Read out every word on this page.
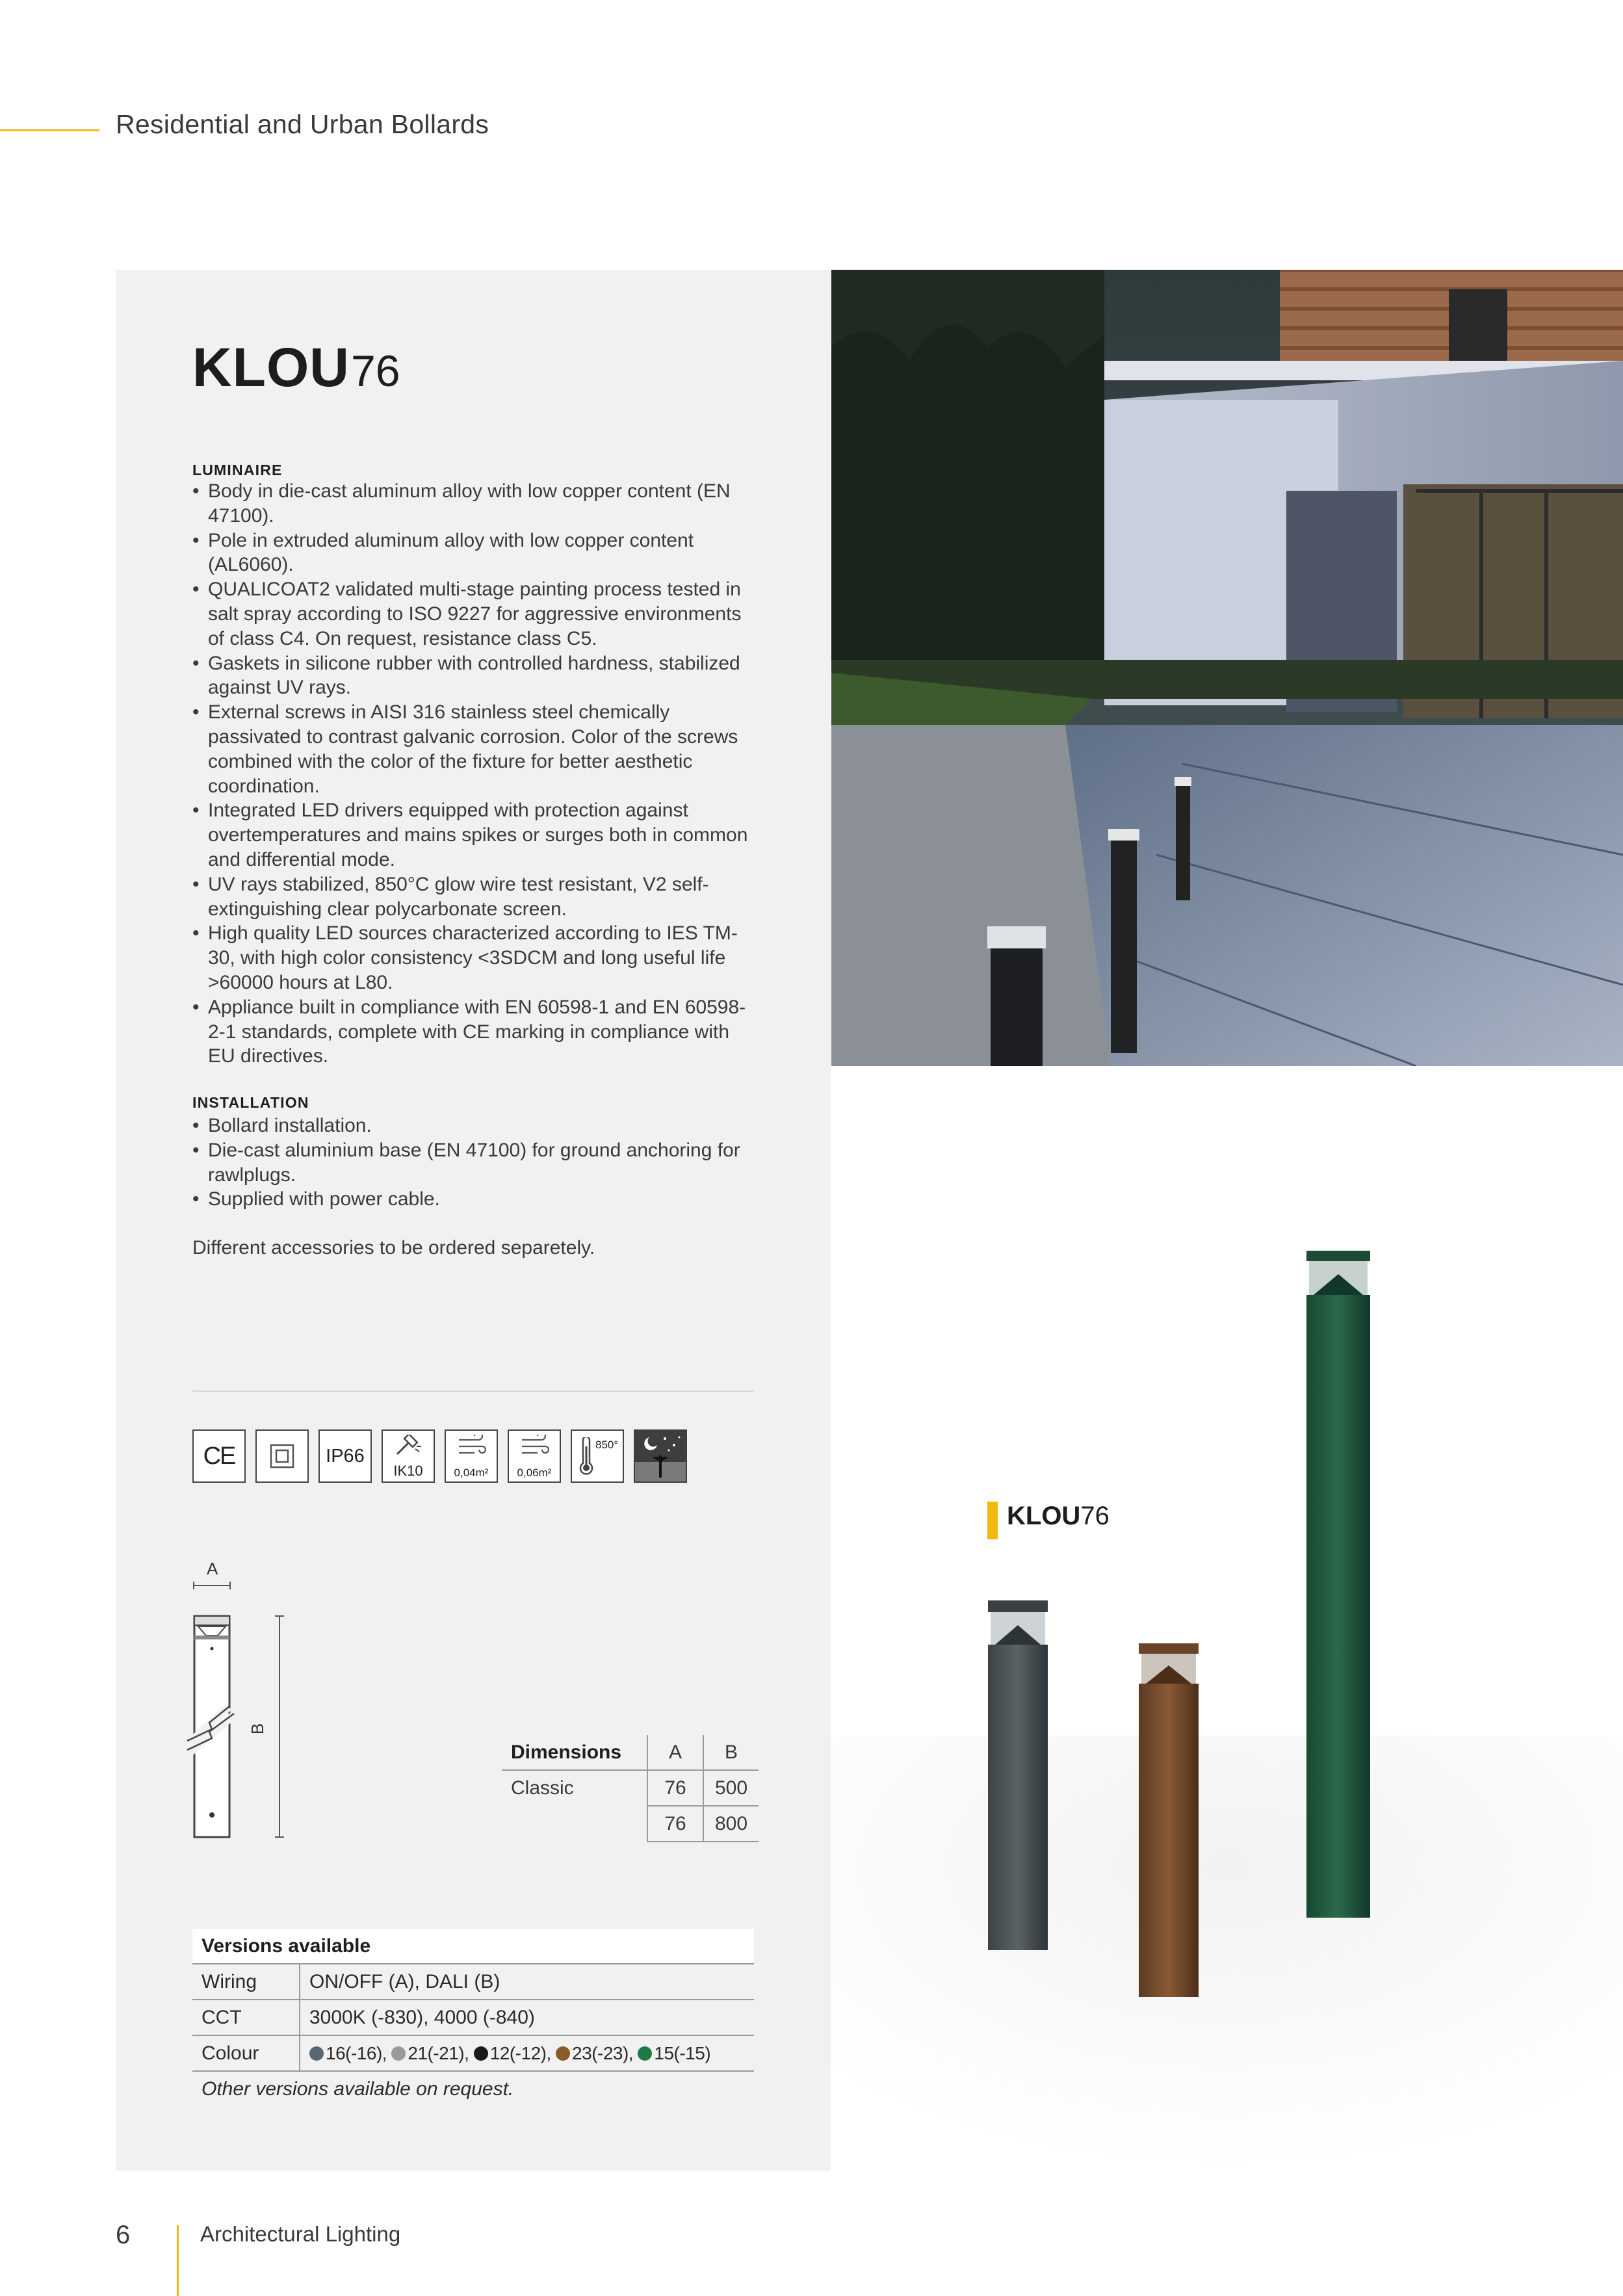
Residential and Urban Bollards
KLOU76
LUMINAIRE
• Body in die-cast aluminum alloy with low copper content (EN 47100).
• Pole in extruded aluminum alloy with low copper content (AL6060).
• QUALICOAT2 validated multi-stage painting process tested in salt spray according to ISO 9227 for aggressive environments of class C4. On request, resistance class C5.
• Gaskets in silicone rubber with controlled hardness, stabilized against UV rays.
• External screws in AISI 316 stainless steel chemically passivated to contrast galvanic corrosion. Color of the screws combined with the color of the fixture for better aesthetic coordination.
• Integrated LED drivers equipped with protection against overtemperatures and mains spikes or surges both in common and differential mode.
• UV rays stabilized, 850°C glow wire test resistant, V2 self-extinguishing clear polycarbonate screen.
• High quality LED sources characterized according to IES TM-30, with high color consistency <3SDCM and long useful life >60000 hours at L80.
• Appliance built in compliance with EN 60598-1 and EN 60598-2-1 standards, complete with CE marking in compliance with EU directives.
INSTALLATION
• Bollard installation.
• Die-cast aluminium base (EN 47100) for ground anchoring for rawlplugs.
• Supplied with power cable.
Different accessories to be ordered separetely.
CE	IP66
IK10	0,04m²	0,06m²
850°
A
B
Dimensions	A	B
Classic	76	500
	76	800
Versions available	
Wiring	ON/OFF (A), DALI (B)
CCT	3000K (-830), 4000 (-840)
Colour	16(-16), 21(-21), 12(-12), 23(-23), 15(-15)
Other versions available on request.	
KLOU76
6	Architectural Lighting
